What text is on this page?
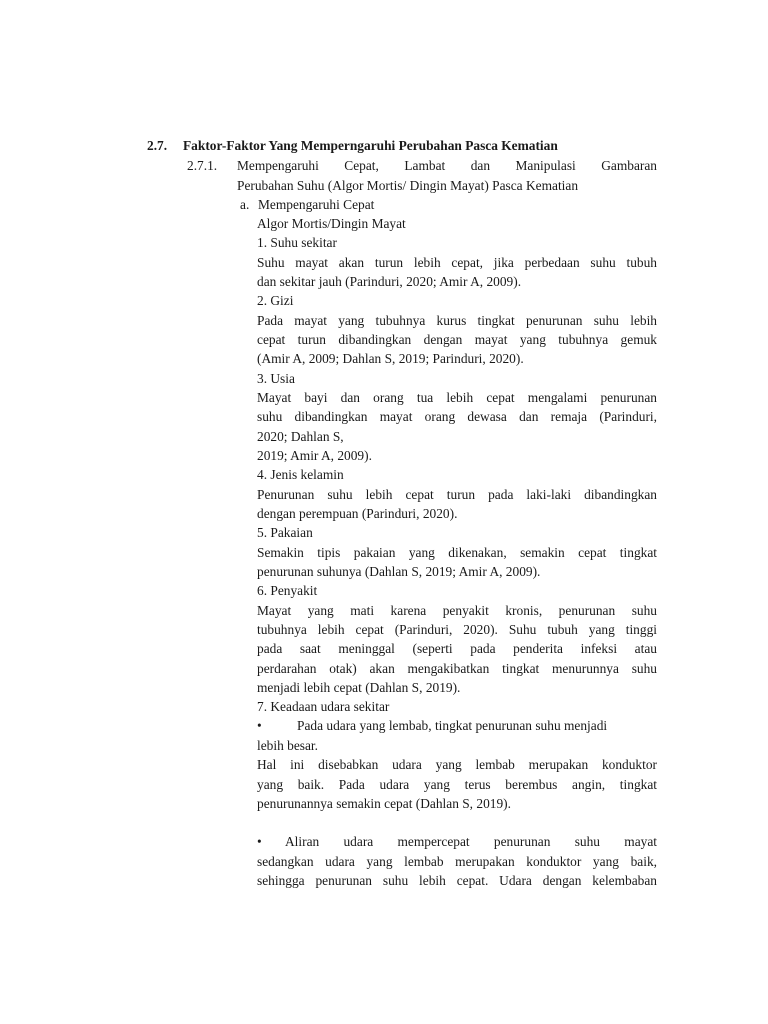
2.7. Faktor-Faktor Yang Memperngaruhi Perubahan Pasca Kematian
2.7.1. Mempengaruhi Cepat, Lambat dan Manipulasi Gambaran
Perubahan Suhu (Algor Mortis/ Dingin Mayat) Pasca Kematian
a. Mempengaruhi Cepat
Algor Mortis/Dingin Mayat
1. Suhu sekitar
Suhu mayat akan turun lebih cepat, jika perbedaan suhu tubuh
dan sekitar jauh (Parinduri, 2020; Amir A, 2009).
2. Gizi
Pada mayat yang tubuhnya kurus tingkat penurunan suhu lebih
cepat turun dibandingkan dengan mayat yang tubuhnya gemuk
(Amir A, 2009; Dahlan S, 2019; Parinduri, 2020).
3. Usia
Mayat bayi dan orang tua lebih cepat mengalami penurunan
suhu dibandingkan mayat orang dewasa dan remaja (Parinduri,
2020; Dahlan S,
2019; Amir A, 2009).
4. Jenis kelamin
Penurunan suhu lebih cepat turun pada laki-laki dibandingkan
dengan perempuan (Parinduri, 2020).
5. Pakaian
Semakin tipis pakaian yang dikenakan, semakin cepat tingkat
penurunan suhunya (Dahlan S, 2019; Amir A, 2009).
6. Penyakit
Mayat yang mati karena penyakit kronis, penurunan suhu
tubuhnya lebih cepat (Parinduri, 2020). Suhu tubuh yang tinggi
pada saat meninggal (seperti pada penderita infeksi atau
perdarahan otak) akan mengakibatkan tingkat menurunnya suhu
menjadi lebih cepat (Dahlan S, 2019).
7. Keadaan udara sekitar
•	Pada udara yang lembab, tingkat penurunan suhu menjadi
lebih besar.
Hal ini disebabkan udara yang lembab merupakan konduktor
yang baik. Pada udara yang terus berembus angin, tingkat
penurunannya semakin cepat (Dahlan S, 2019).
• Aliran udara mempercepat penurunan suhu mayat
sedangkan udara yang lembab merupakan konduktor yang baik,
sehingga penurunan suhu lebih cepat. Udara dengan kelembaban
